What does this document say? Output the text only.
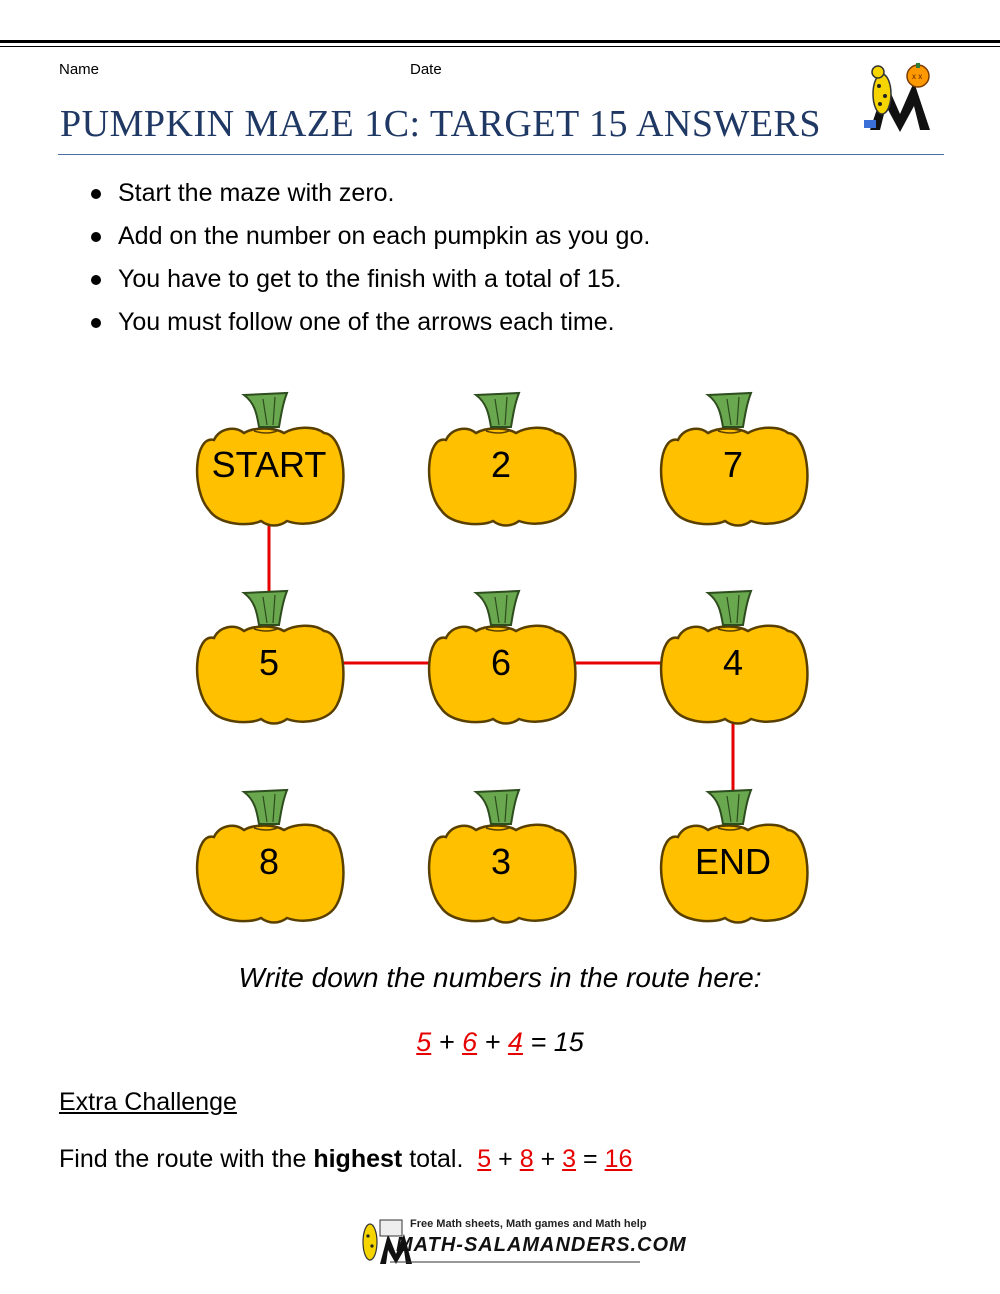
Name	Date
PUMPKIN MAZE 1C: TARGET 15 ANSWERS
x x
Start the maze with zero.
Add on the number on each pumpkin as you go.
You have to get to the finish with a total of 15.
You must follow one of the arrows each time.
START	2	7
5	6	4
8	3	END
Write down the numbers in the route here:
5 + 6 + 4 = 15
Extra Challenge
Find the route with the highest total. 5 + 8 + 3 = 16
Free Math sheets, Math games and Math help
MATH-SALAMANDERS.COM
